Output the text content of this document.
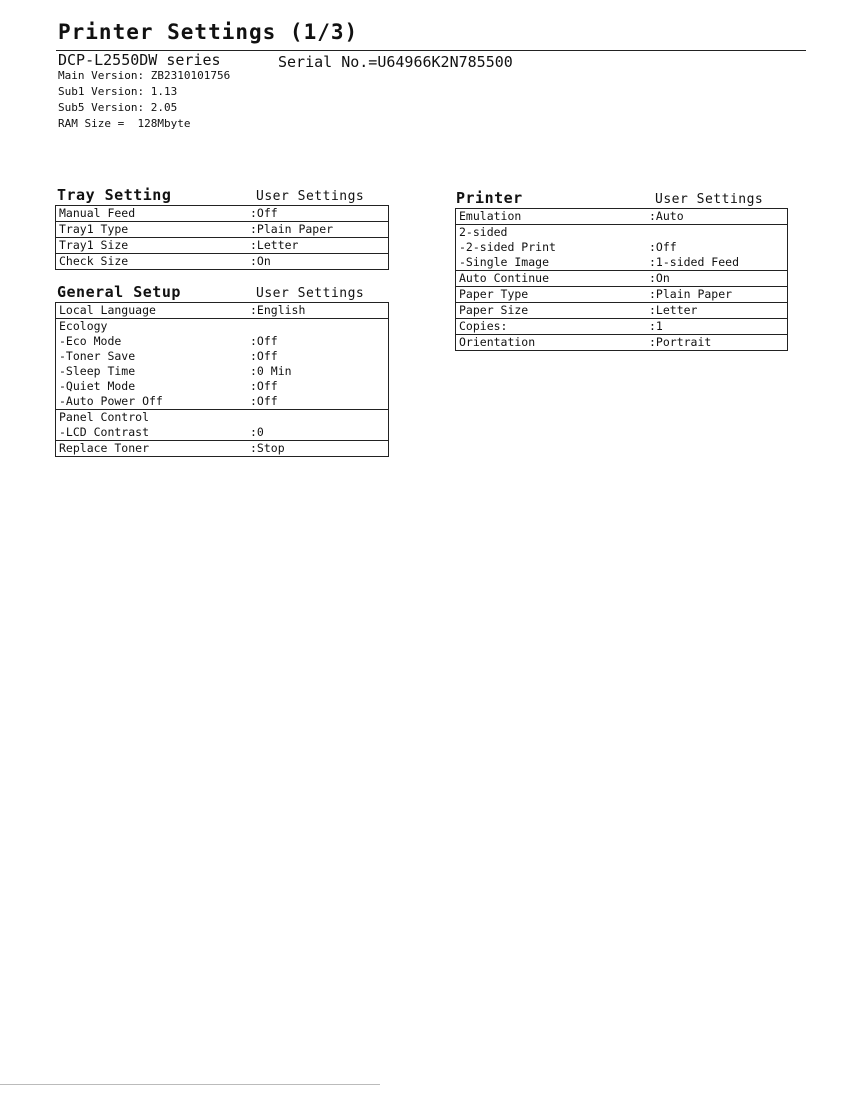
Printer Settings (1/3)
DCP-L2550DW series	Serial No.=U64966K2N785500
Main Version: ZB2310101756
Sub1 Version: 1.13
Sub5 Version: 2.05
RAM Size =  128Mbyte
Tray Setting	User Settings
Manual Feed	:Off
Tray1 Type	:Plain Paper
Tray1 Size	:Letter
Check Size	:On
General Setup	User Settings
Local Language	:English
Ecology	
-Eco Mode	:Off
-Toner Save	:Off
-Sleep Time	:0 Min
-Quiet Mode	:Off
-Auto Power Off	:Off
Panel Control	
-LCD Contrast	:0
Replace Toner	:Stop
Printer	User Settings
Emulation	:Auto
2-sided	
-2-sided Print	:Off
-Single Image	:1-sided Feed
Auto Continue	:On
Paper Type	:Plain Paper
Paper Size	:Letter
Copies:	:1
Orientation	:Portrait
